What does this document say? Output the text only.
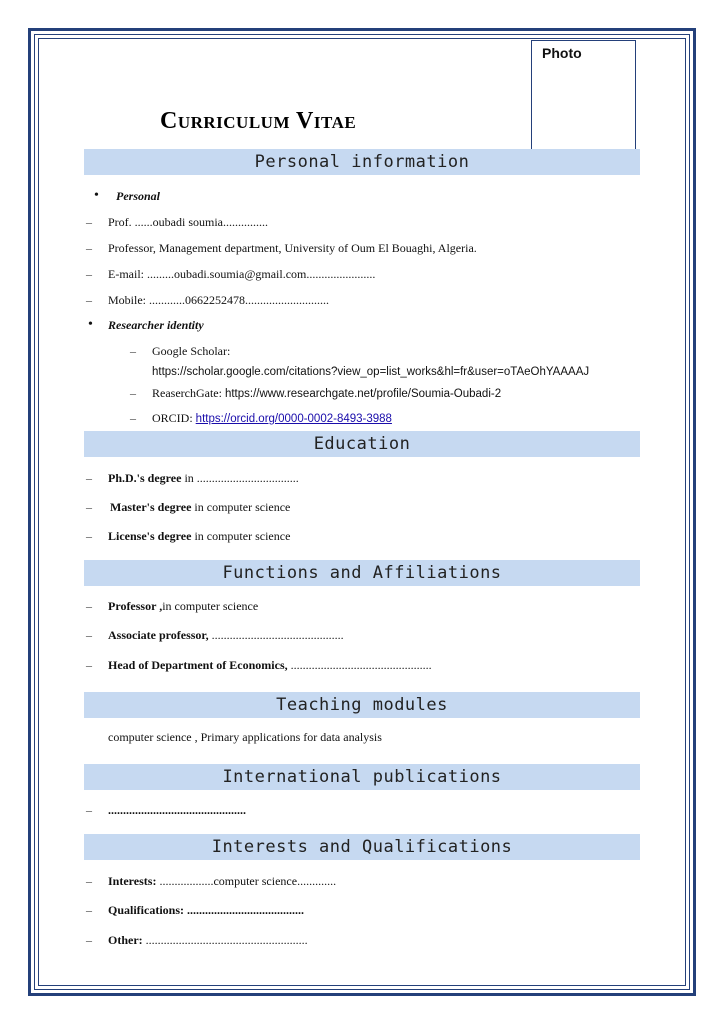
Photo
Curriculum Vitae
Personal information
• Personal
– Prof. ......oubadi soumia...............
– Professor, Management department, University of Oum El Bouaghi, Algeria.
– E-mail: .........oubadi.soumia@gmail.com.......................
– Mobile: ............0662252478............................
• Researcher identity
– Google Scholar:
https://scholar.google.com/citations?view_op=list_works&hl=fr&user=oTAeOhYAAAAJ
– ReaserchGate: https://www.researchgate.net/profile/Soumia-Oubadi-2
– ORCID: https://orcid.org/0000-0002-8493-3988
Education
– Ph.D.'s degree in ..................................
– Master's degree in computer science
– License's degree in computer science
Functions and Affiliations
– Professor ,in computer science
– Associate professor, ............................................
– Head of Department of Economics, ...............................................
Teaching modules
computer science , Primary applications for data analysis
International publications
– ..............................................
Interests and Qualifications
– Interests: ..................computer science.............
– Qualifications: .......................................
– Other: ......................................................
